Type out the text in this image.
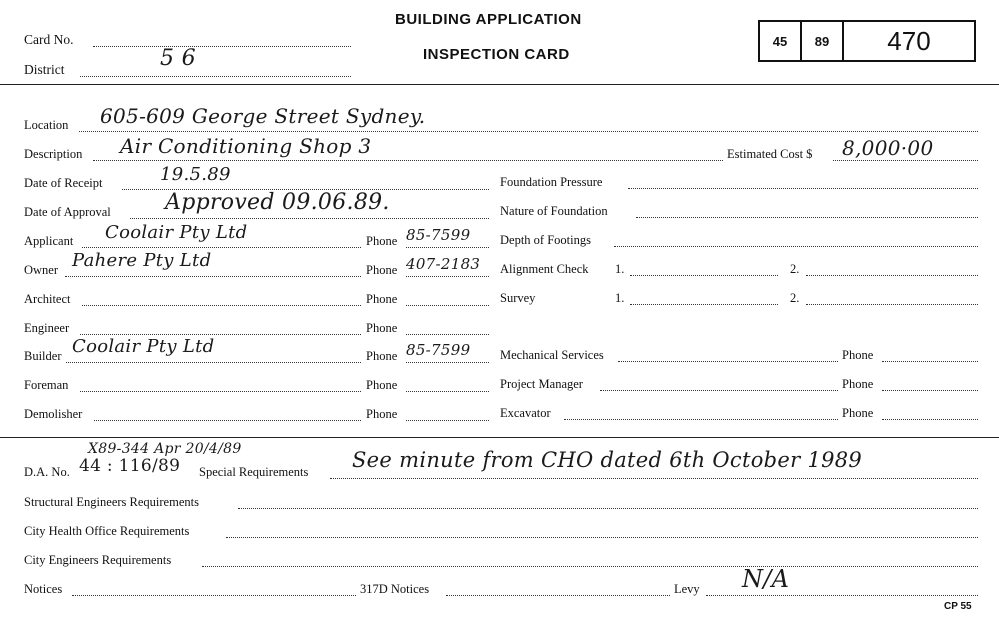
Card No.
District	5 6
BUILDING APPLICATION
INSPECTION CARD
45	89	470
Location 605-609 George Street Sydney.
Description Air Conditioning Shop 3	Estimated Cost $ 8,000·00
Date of Receipt	19.5.89	Foundation Pressure
Date of Approval Approved 09.06.89.	Nature of Foundation
Applicant Coolair Pty Ltd	Phone 85-7599 Depth of Footings
Owner Pahere Pty Ltd	Phone 407-2183 Alignment Check 1.	2.
Architect	Phone	Survey	1.	2.
Engineer	Phone
Builder Coolair Pty Ltd	Phone 85-7599 Mechanical Services	Phone
Foreman	Phone	Project Manager	Phone
Demolisher	Phone	Excavator	Phone
X89-344 Apr 20/4/89
D.A. No. 44 : 116/89 Special Requirements See minute from CHO dated 6th October 1989
Structural Engineers Requirements
City Health Office Requirements
City Engineers Requirements
Notices	317D Notices	Levy N/A
CP 55
